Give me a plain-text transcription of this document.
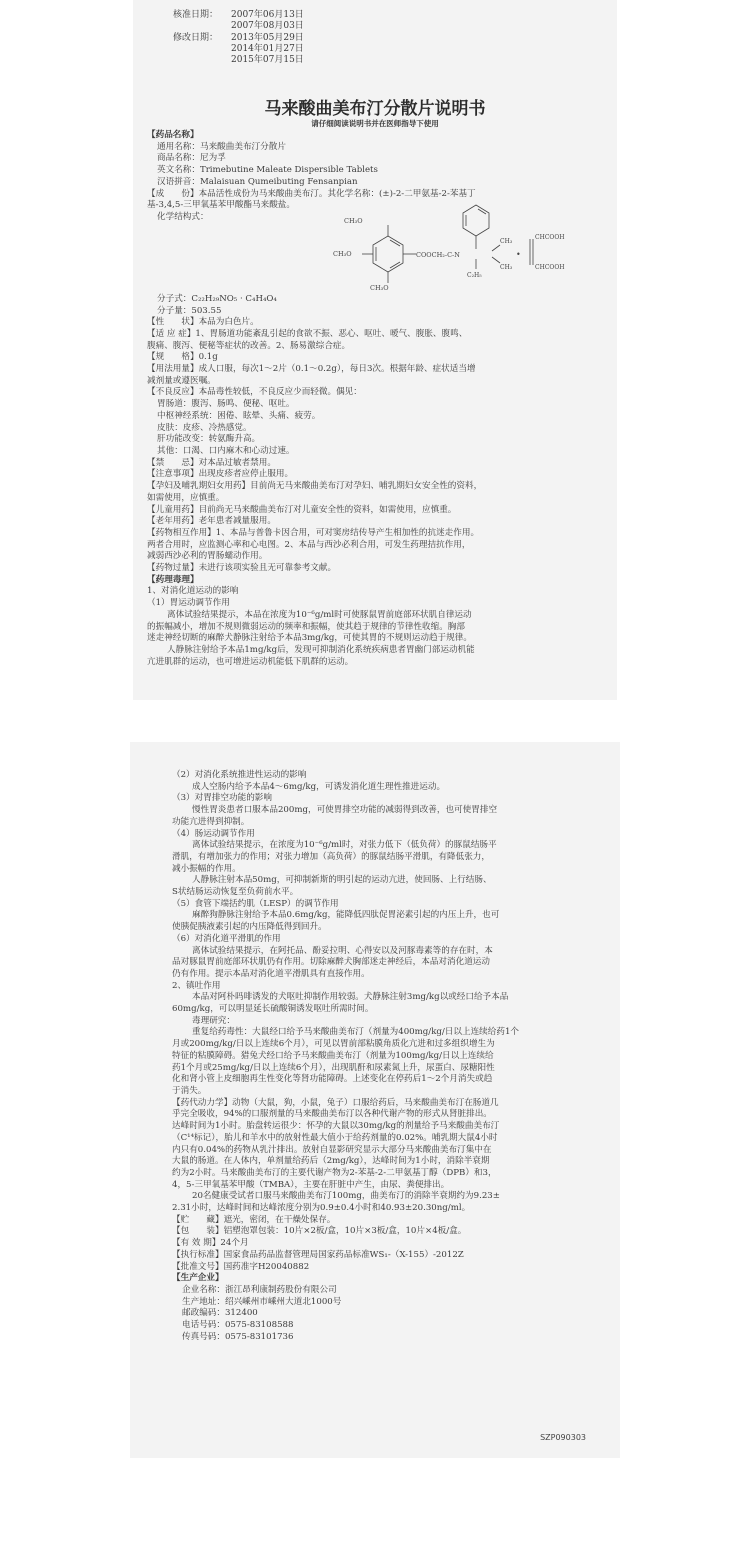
核准日期：	2007年06月13日
2007年08月03日
修改日期：	2013年05月29日
2014年01月27日
2015年07月15日
马来酸曲美布汀分散片说明书
请仔细阅读说明书并在医师指导下使用

【药品名称】

通用名称：马来酸曲美布汀分散片

商品名称：尼为孚

英文名称：Trimebutine Maleate Dispersible Tablets

汉语拼音：Malaisuan Qumeibuting Fensanpian

【成　　份】本品活性成份为马来酸曲美布汀。其化学名称：(±)-2-二甲氨基-2-苯基丁

基-3,4,5-三甲氧基苯甲酸酯马来酸盐。

化学结构式：

分子式：C₂₂H₂₉NO₅ · C₄H₄O₄

分子量：503.55

【性　　状】本品为白色片。

【适 应 症】1、胃肠道功能紊乱引起的食欲不振、恶心、呕吐、嗳气、腹胀、腹鸣、

腹痛、腹泻、便秘等症状的改善。2、肠易激综合症。

【规　　格】0.1g

【用法用量】成人口服，每次1～2片（0.1～0.2g），每日3次。根据年龄、症状适当增

减剂量或遵医嘱。

【不良反应】本品毒性较低，不良反应少而轻微。偶见：

胃肠道：腹泻、肠鸣、便秘、呕吐。

中枢神经系统：困倦、眩晕、头痛、疲劳。

皮肤：皮疹、冷热感觉。

肝功能改变：转氨酶升高。

其他：口渴、口内麻木和心动过速。

【禁　　忌】对本品过敏者禁用。

【注意事项】出现皮疹者应停止服用。

【孕妇及哺乳期妇女用药】目前尚无马来酸曲美布汀对孕妇、哺乳期妇女安全性的资料，

如需使用，应慎重。

【儿童用药】目前尚无马来酸曲美布汀对儿童安全性的资料，如需使用，应慎重。

【老年用药】老年患者减量服用。

【药物相互作用】1、本品与普鲁卡因合用，可对窦房结传导产生相加性的抗迷走作用。

两者合用时，应监测心率和心电图。2、本品与西沙必利合用，可发生药理拮抗作用，

减弱西沙必利的胃肠蠕动作用。

【药物过量】未进行该项实验且无可靠参考文献。

【药理毒理】

1、对消化道运动的影响

（1）胃运动调节作用

离体试验结果提示，本品在浓度为10⁻⁶g/ml时可使豚鼠胃前庭部环状肌自律运动

的振幅减小，增加不规则微弱运动的频率和振幅，使其趋于规律的节律性收缩。胸部

迷走神经切断的麻醉犬静脉注射给予本品3mg/kg，可使其胃的不规则运动趋于规律。

人静脉注射给予本品1mg/kg后，发现可抑制消化系统疾病患者胃幽门部运动机能

亢进肌群的运动，也可增进运动机能低下肌群的运动。

CH₃O
CH₃O
CH₃O
COOCH₂-C-N
CH₃
CH₃
C₂H₅
•
CHCOOH
CHCOOH

（2）对消化系统推进性运动的影响

成人空肠内给予本品4～6mg/kg，可诱发消化道生理性推进运动。

（3）对胃排空功能的影响

慢性胃炎患者口服本品200mg，可使胃排空功能的减弱得到改善，也可使胃排空

功能亢进得到抑制。

（4）肠运动调节作用

离体试验结果提示，在浓度为10⁻⁶g/ml时，对张力低下（低负荷）的豚鼠结肠平

滑肌，有增加张力的作用；对张力增加（高负荷）的豚鼠结肠平滑肌，有降低张力，

减小振幅的作用。

人静脉注射本品50mg，可抑制新斯的明引起的运动亢进，使回肠、上行结肠、

S状结肠运动恢复至负荷前水平。

（5）食管下端括约肌（LESP）的调节作用

麻醉狗静脉注射给予本品0.6mg/kg，能降低四肽促胃泌素引起的内压上升，也可

使胰促胰液素引起的内压降低得到回升。

（6）对消化道平滑肌的作用

离体试验结果提示，在阿托品、酚妥拉明、心得安以及河豚毒素等的存在时，本

品对豚鼠胃前庭部环状肌仍有作用。切除麻醉犬胸部迷走神经后，本品对消化道运动

仍有作用。提示本品对消化道平滑肌具有直接作用。

2、镇吐作用

本品对阿朴吗啡诱发的犬呕吐抑制作用较弱。犬静脉注射3mg/kg以或经口给予本品

60mg/kg，可以明显延长硫酸铜诱发呕吐所需时间。

毒理研究：

重复给药毒性：大鼠经口给予马来酸曲美布汀（剂量为400mg/kg/日以上连续给药1个

月或200mg/kg/日以上连续6个月），可见以胃前部粘膜角质化亢进和过多组织增生为

特征的粘膜障碍。猎兔犬经口给予马来酸曲美布汀（剂量为100mg/kg/日以上连续给

药1个月或25mg/kg/日以上连续6个月），出现肌酐和尿素氮上升，尿蛋白、尿糖阳性

化和肾小管上皮细胞再生性变化等肾功能障碍。上述变化在停药后1～2个月消失或趋

于消失。

【药代动力学】动物（大鼠，狗，小鼠，兔子）口服给药后，马来酸曲美布汀在肠道几

乎完全吸收，94%的口服剂量的马来酸曲美布汀以各种代谢产物的形式从肾脏排出。

达峰时间为1小时。胎盘转运很少：怀孕的大鼠以30mg/kg的剂量给予马来酸曲美布汀

（C¹⁴标记），胎儿和羊水中的放射性最大值小于给药剂量的0.02%。哺乳期大鼠4小时

内只有0.04%的药物从乳汁排出。放射自显影研究显示大部分马来酸曲美布汀集中在

大鼠的肠道。在人体内，单剂量给药后（2mg/kg），达峰时间为1小时，消除半衰期

约为2小时。马来酸曲美布汀的主要代谢产物为2-苯基-2-二甲氨基丁醇（DPB）和3，

4，5-三甲氧基苯甲酸（TMBA），主要在肝脏中产生，由尿、粪便排出。

20名健康受试者口服马来酸曲美布汀100mg，曲美布汀的消除半衰期约为9.23±

2.31小时，达峰时间和达峰浓度分别为0.9±0.4小时和40.93±20.30ng/ml。

【贮　　藏】遮光，密闭，在干燥处保存。

【包　　装】铝塑泡罩包装：10片×2板/盒，10片×3板/盒，10片×4板/盒。

【有 效 期】24个月

【执行标准】国家食品药品监督管理局国家药品标准WS₁-（X-155）-2012Z

【批准文号】国药准字H20040882

【生产企业】

企业名称：浙江昂利康制药股份有限公司

生产地址：绍兴嵊州市嵊州大道北1000号

邮政编码：312400

电话号码：0575-83108588

传真号码：0575-83101736

SZP090303
